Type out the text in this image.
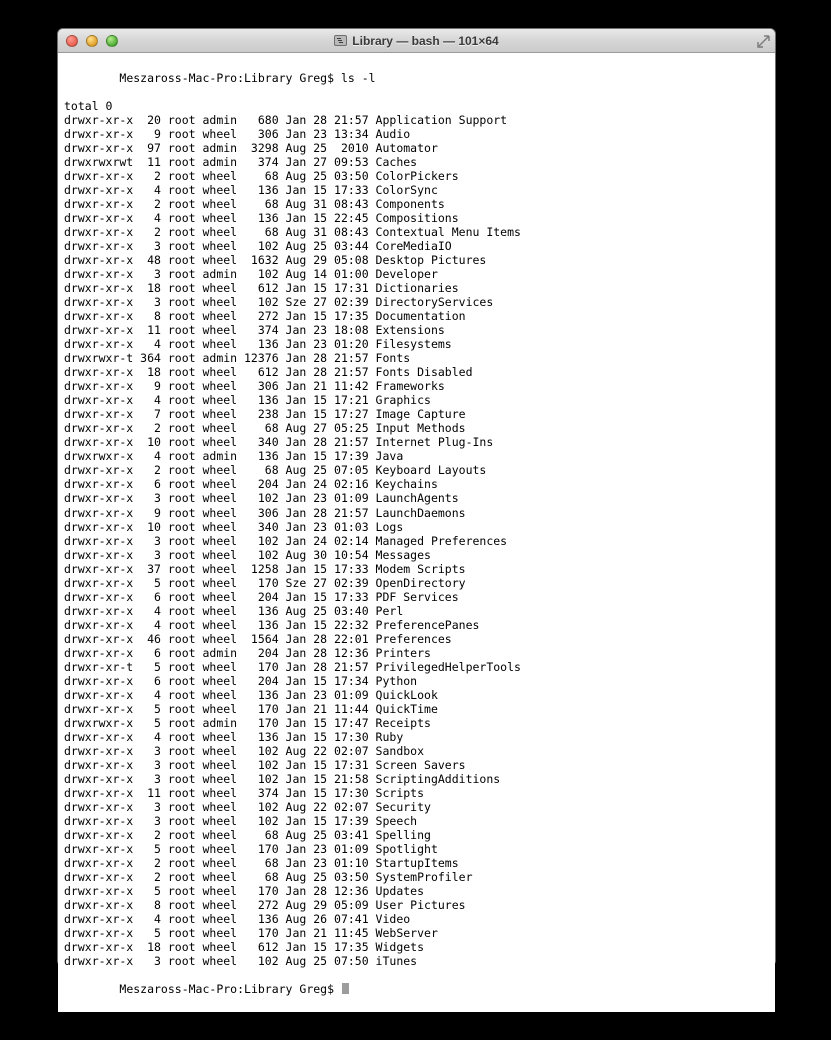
Library — bash — 101×64

Meszaross-Mac-Pro:Library Greg$ ls -l

total 0
drwxr-xr-x  20 root admin   680 Jan 28 21:57 Application Support
drwxr-xr-x   9 root wheel   306 Jan 23 13:34 Audio
drwxr-xr-x  97 root admin  3298 Aug 25  2010 Automator
drwxrwxrwt  11 root admin   374 Jan 27 09:53 Caches
drwxr-xr-x   2 root wheel    68 Aug 25 03:50 ColorPickers
drwxr-xr-x   4 root wheel   136 Jan 15 17:33 ColorSync
drwxr-xr-x   2 root wheel    68 Aug 31 08:43 Components
drwxr-xr-x   4 root wheel   136 Jan 15 22:45 Compositions
drwxr-xr-x   2 root wheel    68 Aug 31 08:43 Contextual Menu Items
drwxr-xr-x   3 root wheel   102 Aug 25 03:44 CoreMediaIO
drwxr-xr-x  48 root wheel  1632 Aug 29 05:08 Desktop Pictures
drwxr-xr-x   3 root admin   102 Aug 14 01:00 Developer
drwxr-xr-x  18 root wheel   612 Jan 15 17:31 Dictionaries
drwxr-xr-x   3 root wheel   102 Sze 27 02:39 DirectoryServices
drwxr-xr-x   8 root wheel   272 Jan 15 17:35 Documentation
drwxr-xr-x  11 root wheel   374 Jan 23 18:08 Extensions
drwxr-xr-x   4 root wheel   136 Jan 23 01:20 Filesystems
drwxrwxr-t 364 root admin 12376 Jan 28 21:57 Fonts
drwxr-xr-x  18 root wheel   612 Jan 28 21:57 Fonts Disabled
drwxr-xr-x   9 root wheel   306 Jan 21 11:42 Frameworks
drwxr-xr-x   4 root wheel   136 Jan 15 17:21 Graphics
drwxr-xr-x   7 root wheel   238 Jan 15 17:27 Image Capture
drwxr-xr-x   2 root wheel    68 Aug 27 05:25 Input Methods
drwxr-xr-x  10 root wheel   340 Jan 28 21:57 Internet Plug-Ins
drwxrwxr-x   4 root admin   136 Jan 15 17:39 Java
drwxr-xr-x   2 root wheel    68 Aug 25 07:05 Keyboard Layouts
drwxr-xr-x   6 root wheel   204 Jan 24 02:16 Keychains
drwxr-xr-x   3 root wheel   102 Jan 23 01:09 LaunchAgents
drwxr-xr-x   9 root wheel   306 Jan 28 21:57 LaunchDaemons
drwxr-xr-x  10 root wheel   340 Jan 23 01:03 Logs
drwxr-xr-x   3 root wheel   102 Jan 24 02:14 Managed Preferences
drwxr-xr-x   3 root wheel   102 Aug 30 10:54 Messages
drwxr-xr-x  37 root wheel  1258 Jan 15 17:33 Modem Scripts
drwxr-xr-x   5 root wheel   170 Sze 27 02:39 OpenDirectory
drwxr-xr-x   6 root wheel   204 Jan 15 17:33 PDF Services
drwxr-xr-x   4 root wheel   136 Aug 25 03:40 Perl
drwxr-xr-x   4 root wheel   136 Jan 15 22:32 PreferencePanes
drwxr-xr-x  46 root wheel  1564 Jan 28 22:01 Preferences
drwxr-xr-x   6 root admin   204 Jan 28 12:36 Printers
drwxr-xr-t   5 root wheel   170 Jan 28 21:57 PrivilegedHelperTools
drwxr-xr-x   6 root wheel   204 Jan 15 17:34 Python
drwxr-xr-x   4 root wheel   136 Jan 23 01:09 QuickLook
drwxr-xr-x   5 root wheel   170 Jan 21 11:44 QuickTime
drwxrwxr-x   5 root admin   170 Jan 15 17:47 Receipts
drwxr-xr-x   4 root wheel   136 Jan 15 17:30 Ruby
drwxr-xr-x   3 root wheel   102 Aug 22 02:07 Sandbox
drwxr-xr-x   3 root wheel   102 Jan 15 17:31 Screen Savers
drwxr-xr-x   3 root wheel   102 Jan 15 21:58 ScriptingAdditions
drwxr-xr-x  11 root wheel   374 Jan 15 17:30 Scripts
drwxr-xr-x   3 root wheel   102 Aug 22 02:07 Security
drwxr-xr-x   3 root wheel   102 Jan 15 17:39 Speech
drwxr-xr-x   2 root wheel    68 Aug 25 03:41 Spelling
drwxr-xr-x   5 root wheel   170 Jan 23 01:09 Spotlight
drwxr-xr-x   2 root wheel    68 Jan 23 01:10 StartupItems
drwxr-xr-x   2 root wheel    68 Aug 25 03:50 SystemProfiler
drwxr-xr-x   5 root wheel   170 Jan 28 12:36 Updates
drwxr-xr-x   8 root wheel   272 Aug 29 05:09 User Pictures
drwxr-xr-x   4 root wheel   136 Aug 26 07:41 Video
drwxr-xr-x   5 root wheel   170 Jan 21 11:45 WebServer
drwxr-xr-x  18 root wheel   612 Jan 15 17:35 Widgets
drwxr-xr-x   3 root wheel   102 Aug 25 07:50 iTunes

Meszaross-Mac-Pro:Library Greg$
